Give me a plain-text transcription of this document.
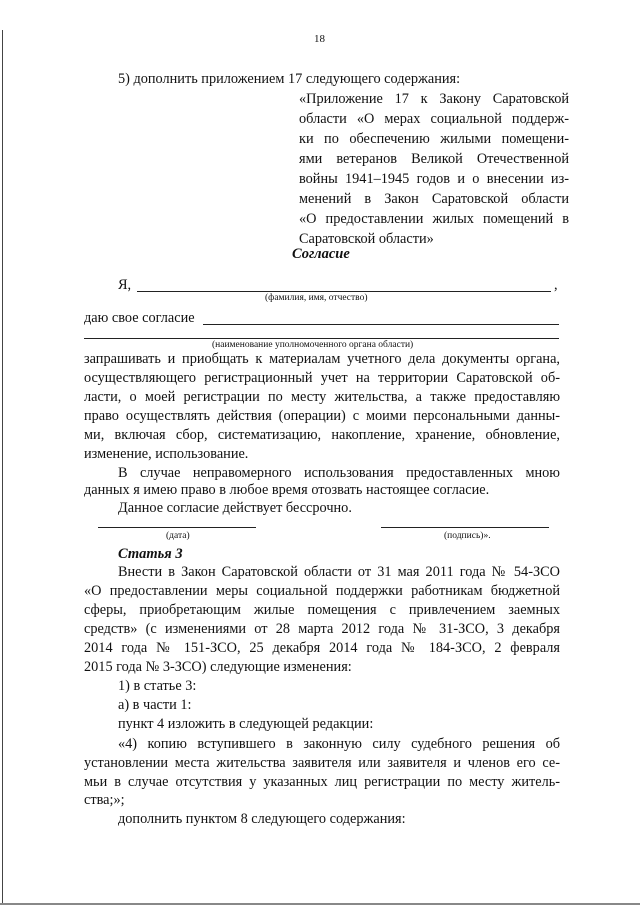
18
5) дополнить приложением 17 следующего содержания:
«Приложение 17 к Закону Саратовской
области «О мерах социальной поддерж-
ки по обеспечению жилыми помещени-
ями ветеранов Великой Отечественной
войны 1941–1945 годов и о внесении из-
менений в Закон Саратовской области
«О предоставлении жилых помещений в
Саратовской области»
Согласие
Я,	,
(фамилия, имя, отчество)
даю свое согласие
(наименование уполномоченного органа области)
запрашивать и приобщать к материалам учетного дела документы органа,
осуществляющего регистрационный учет на территории Саратовской об-
ласти, о моей регистрации по месту жительства, а также предоставляю
право осуществлять действия (операции) с моими персональными данны-
ми, включая сбор, систематизацию, накопление, хранение, обновление,
изменение, использование.
В случае неправомерного использования предоставленных мною
данных я имею право в любое время отозвать настоящее согласие.
Данное согласие действует бессрочно.
(дата)	(подпись)».
Статья 3
Внести в Закон Саратовской области от 31 мая 2011 года № 54-ЗСО
«О предоставлении меры социальной поддержки работникам бюджетной
сферы, приобретающим жилые помещения с привлечением заемных
средств» (с изменениями от 28 марта 2012 года № 31-ЗСО, 3 декабря
2014 года № 151-ЗСО, 25 декабря 2014 года № 184-ЗСО, 2 февраля
2015 года № 3-ЗСО) следующие изменения:
1) в статье 3:
а) в части 1:
пункт 4 изложить в следующей редакции:
«4) копию вступившего в законную силу судебного решения об
установлении места жительства заявителя или заявителя и членов его се-
мьи в случае отсутствия у указанных лиц регистрации по месту житель-
ства;»;
дополнить пунктом 8 следующего содержания:
